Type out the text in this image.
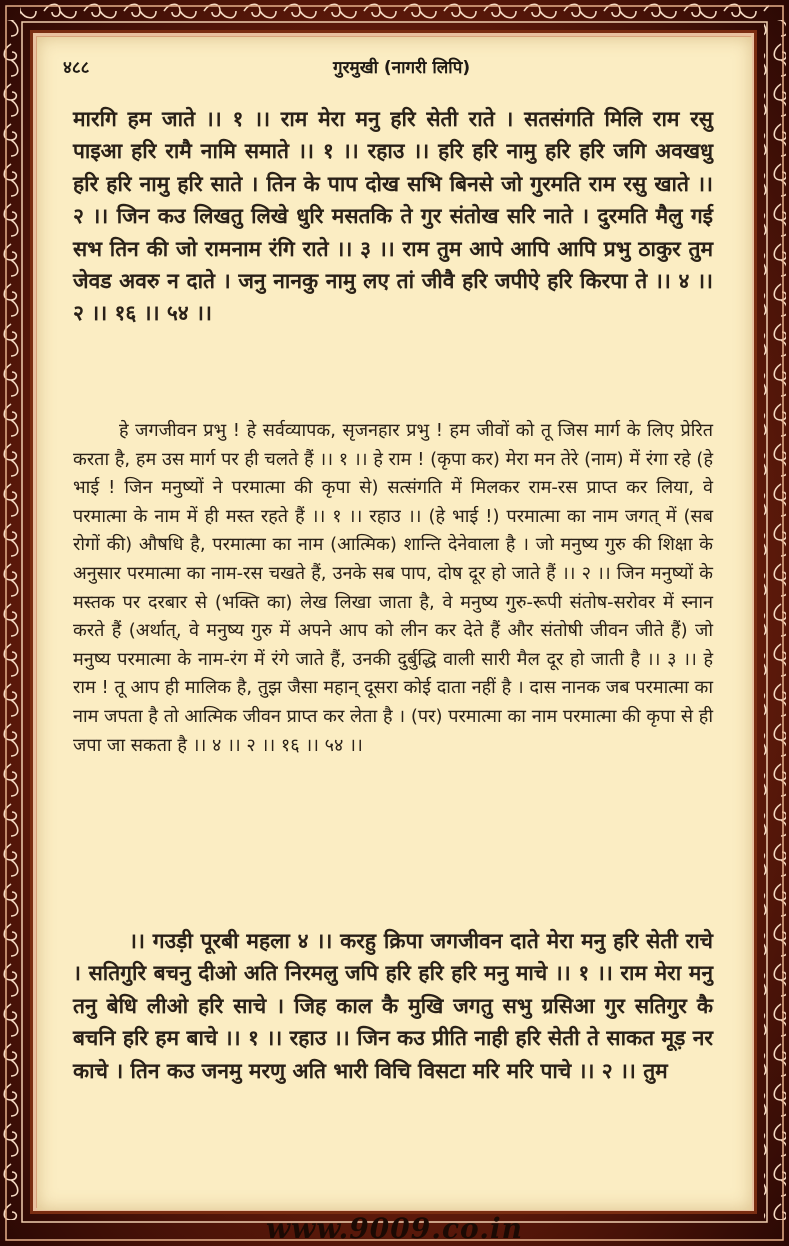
४८८	गुरमुखी (नागरी लिपि)
मारगि हम जाते ।। १ ।। राम मेरा मनु हरि सेती राते । सतसंगति मिलि राम रसु पाइआ हरि रामै नामि समाते ।। १ ।। रहाउ ।। हरि हरि नामु हरि हरि जगि अवखधु हरि हरि नामु हरि साते । तिन के पाप दोख सभि बिनसे जो गुरमति राम रसु खाते ।। २ ।। जिन कउ लिखतु लिखे धुरि मसतकि ते गुर संतोख सरि नाते । दुरमति मैलु गई सभ तिन की जो रामनाम रंगि राते ।। ३ ।। राम तुम आपे आपि आपि प्रभु ठाकुर तुम जेवड अवरु न दाते । जनु नानकु नामु लए तां जीवै हरि जपीऐ हरि किरपा ते ।। ४ ।। २ ।। १६ ।। ५४ ।।
हे जगजीवन प्रभु ! हे सर्वव्यापक, सृजनहार प्रभु ! हम जीवों को तू जिस मार्ग के लिए प्रेरित करता है, हम उस मार्ग पर ही चलते हैं ।। १ ।। हे राम ! (कृपा कर) मेरा मन तेरे (नाम) में रंगा रहे (हे भाई ! जिन मनुष्यों ने परमात्मा की कृपा से) सत्संगति में मिलकर राम-रस प्राप्त कर लिया, वे परमात्मा के नाम में ही मस्त रहते हैं ।। १ ।। रहाउ ।। (हे भाई !) परमात्मा का नाम जगत् में (सब रोगों की) औषधि है, परमात्मा का नाम (आत्मिक) शान्ति देनेवाला है । जो मनुष्य गुरु की शिक्षा के अनुसार परमात्मा का नाम-रस चखते हैं, उनके सब पाप, दोष दूर हो जाते हैं ।। २ ।। जिन मनुष्यों के मस्तक पर दरबार से (भक्ति का) लेख लिखा जाता है, वे मनुष्य गुरु-रूपी संतोष-सरोवर में स्नान करते हैं (अर्थात्, वे मनुष्य गुरु में अपने आप को लीन कर देते हैं और संतोषी जीवन जीते हैं) जो मनुष्य परमात्मा के नाम-रंग में रंगे जाते हैं, उनकी दुर्बुद्धि वाली सारी मैल दूर हो जाती है ।। ३ ।। हे राम ! तू आप ही मालिक है, तुझ जैसा महान् दूसरा कोई दाता नहीं है । दास नानक जब परमात्मा का नाम जपता है तो आत्मिक जीवन प्राप्त कर लेता है । (पर) परमात्मा का नाम परमात्मा की कृपा से ही जपा जा सकता है ।। ४ ।। २ ।। १६ ।। ५४ ।।
।। गउड़ी पूरबी महला ४ ।। करहु क्रिपा जगजीवन दाते मेरा मनु हरि सेती राचे । सतिगुरि बचनु दीओ अति निरमलु जपि हरि हरि हरि मनु माचे ।। १ ।। राम मेरा मनु तनु बेधि लीओ हरि साचे । जिह काल कै मुखि जगतु सभु ग्रसिआ गुर सतिगुर कै बचनि हरि हम बाचे ।। १ ।। रहाउ ।। जिन कउ प्रीति नाही हरि सेती ते साकत मूड़ नर काचे । तिन कउ जनमु मरणु अति भारी विचि विसटा मरि मरि पाचे ।। २ ।। तुम
www.9009.co.in
